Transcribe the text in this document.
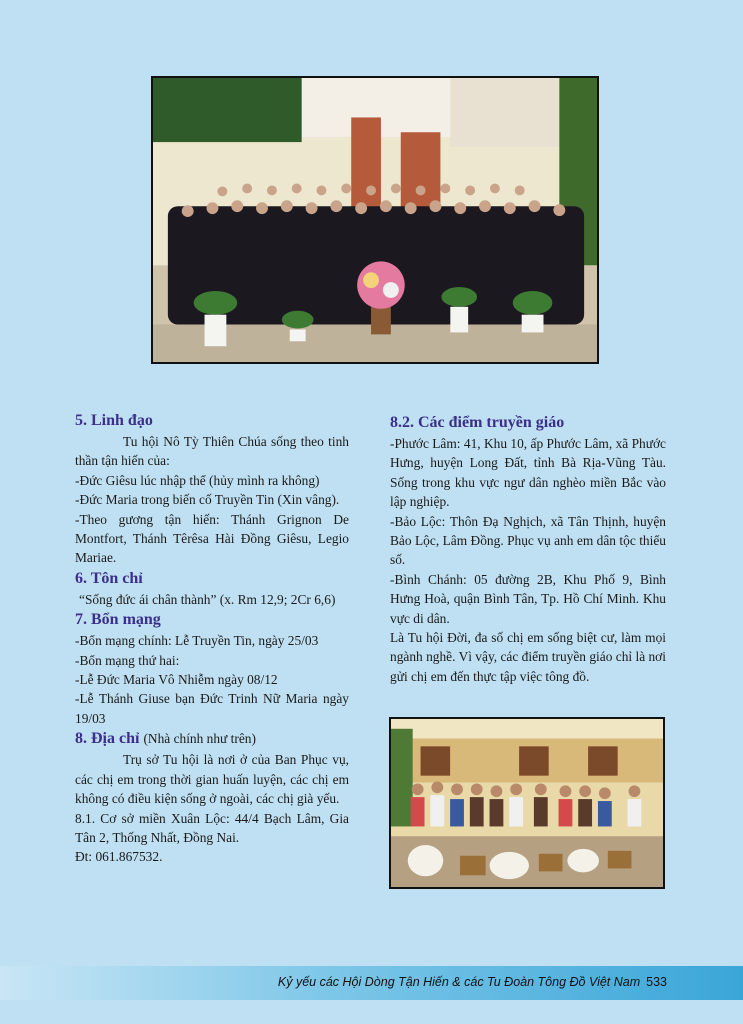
5. Linh đạo

Tu hội Nô Tỳ Thiên Chúa sống theo tinh thần tận hiến của:

-Đức Giêsu lúc nhập thể (hủy mình ra không)

-Đức Maria trong biến cố Truyền Tin (Xin vâng).

-Theo gương tận hiến: Thánh Grignon De Montfort, Thánh Têrêsa Hài Đồng Giêsu, Legio Mariae.

6. Tôn chỉ

“Sống đức ái chân thành” (x. Rm 12,9; 2Cr 6,6)

7. Bổn mạng

-Bổn mạng chính: Lễ Truyền Tin, ngày 25/03

-Bổn mạng thứ hai:

-Lễ Đức Maria Vô Nhiễm ngày 08/12

-Lễ Thánh Giuse bạn Đức Trinh Nữ Maria ngày 19/03

8. Địa chỉ (Nhà chính như trên)

Trụ sở Tu hội là nơi ở của Ban Phục vụ, các chị em trong thời gian huấn luyện, các chị em không có điều kiện sống ở ngoài, các chị già yếu.

8.1. Cơ sở miền Xuân Lộc: 44/4 Bạch Lâm, Gia Tân 2, Thống Nhất, Đồng Nai.

Đt: 061.867532.

8.2. Các điểm truyền giáo

-Phước Lâm: 41, Khu 10, ấp Phước Lâm, xã Phước Hưng, huyện Long Đất, tỉnh Bà Rịa-Vũng Tàu. Sống trong khu vực ngư dân nghèo miền Bắc vào lập nghiệp.

-Bảo Lộc: Thôn Đạ Nghịch, xã Tân Thịnh, huyện Bảo Lộc, Lâm Đồng. Phục vụ anh em dân tộc thiểu số.

-Bình Chánh: 05 đường 2B, Khu Phố 9, Bình Hưng Hoà, quận Bình Tân, Tp. Hồ Chí Minh. Khu vực di dân.

Là Tu hội Đời, đa số chị em sống biệt cư, làm mọi ngành nghề. Vì vậy, các điểm truyền giáo chỉ là nơi gửi chị em đến thực tập việc tông đồ.

Kỷ yếu các Hội Dòng Tận Hiến & các Tu Đoàn Tông Đồ Việt Nam 533
